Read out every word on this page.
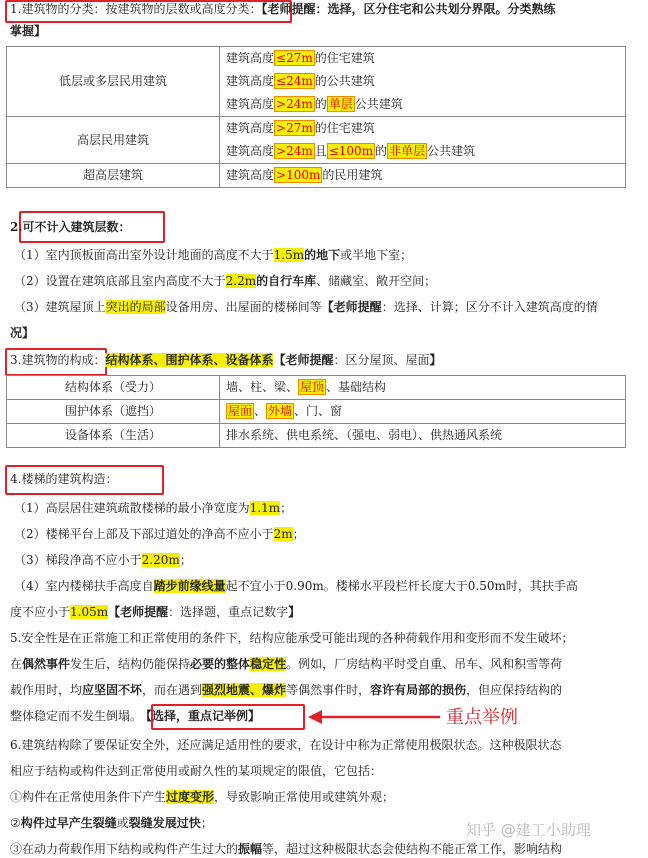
1.建筑物的分类：按建筑物的层数或高度分类：【老师提醒：选择，区分住宅和公共划分界限。分类熟练
掌握】
低层或多层民用建筑	建筑高度 ≤27m 的住宅建筑
建筑高度 ≤24m 的公共建筑
建筑高度 >24m 的 单层 公共建筑

高层民用建筑	建筑高度 >27m 的住宅建筑
建筑高度 >24m 且 ≤100m 的 非单层 公共建筑

超高层建筑	建筑高度 >100m 的民用建筑
2.可不计入建筑层数：
（1）室内顶板面高出室外设计地面的高度不大于1.5m的地下或半地下室；
（2）设置在建筑底部且室内高度不大于2.2m的自行车库、储藏室、敞开空间；
（3）建筑屋顶上突出的局部设备用房、出屋面的楼梯间等【老师提醒：选择、计算；区分不计入建筑高度的情
况】
3.建筑物的构成：结构体系、围护体系、设备体系【老师提醒：区分屋顶、屋面】
结构体系（受力）	墙、柱、梁、 屋顶 、基础结构
围护体系（遮挡）	屋面 、 外墙 、门、窗
设备体系（生活）	排水系统、供电系统、（强电、弱电）、供热通风系统
4.楼梯的建筑构造：
（1）高层居住建筑疏散楼梯的最小净宽度为1.1m；
（2）楼梯平台上部及下部过道处的净高不应小于2m；
（3）梯段净高不应小于2.20m；
（4）室内楼梯扶手高度自踏步前缘线量起不宜小于0.90m。楼梯水平段栏杆长度大于0.50m时，其扶手高
度不应小于1.05m【老师提醒：选择题，重点记数字】
5.安全性是在正常施工和正常使用的条件下，结构应能承受可能出现的各种荷载作用和变形而不发生破坏；
在偶然事件发生后，结构仍能保持必要的整体稳定性。例如，厂房结构平时受自重、吊车、风和积雪等荷
载作用时，均应坚固不坏，而在遇到强烈地震、爆炸等偶然事件时，容许有局部的损伤，但应保持结构的
整体稳定而不发生倒塌。 【选择，重点记举例】	重点举例
6.建筑结构除了要保证安全外，还应满足适用性的要求，在设计中称为正常使用极限状态。这种极限状态
相应于结构或构件达到正常使用或耐久性的某项规定的限值，它包括：
①构件在正常使用条件下产生过度变形，导致影响正常使用或建筑外观；
②构件过早产生裂缝或裂缝发展过快；
③在动力荷载作用下结构或构件产生过大的振幅等，超过这种极限状态会使结构不能正常工作，影响结构
知乎 @建工小助理
